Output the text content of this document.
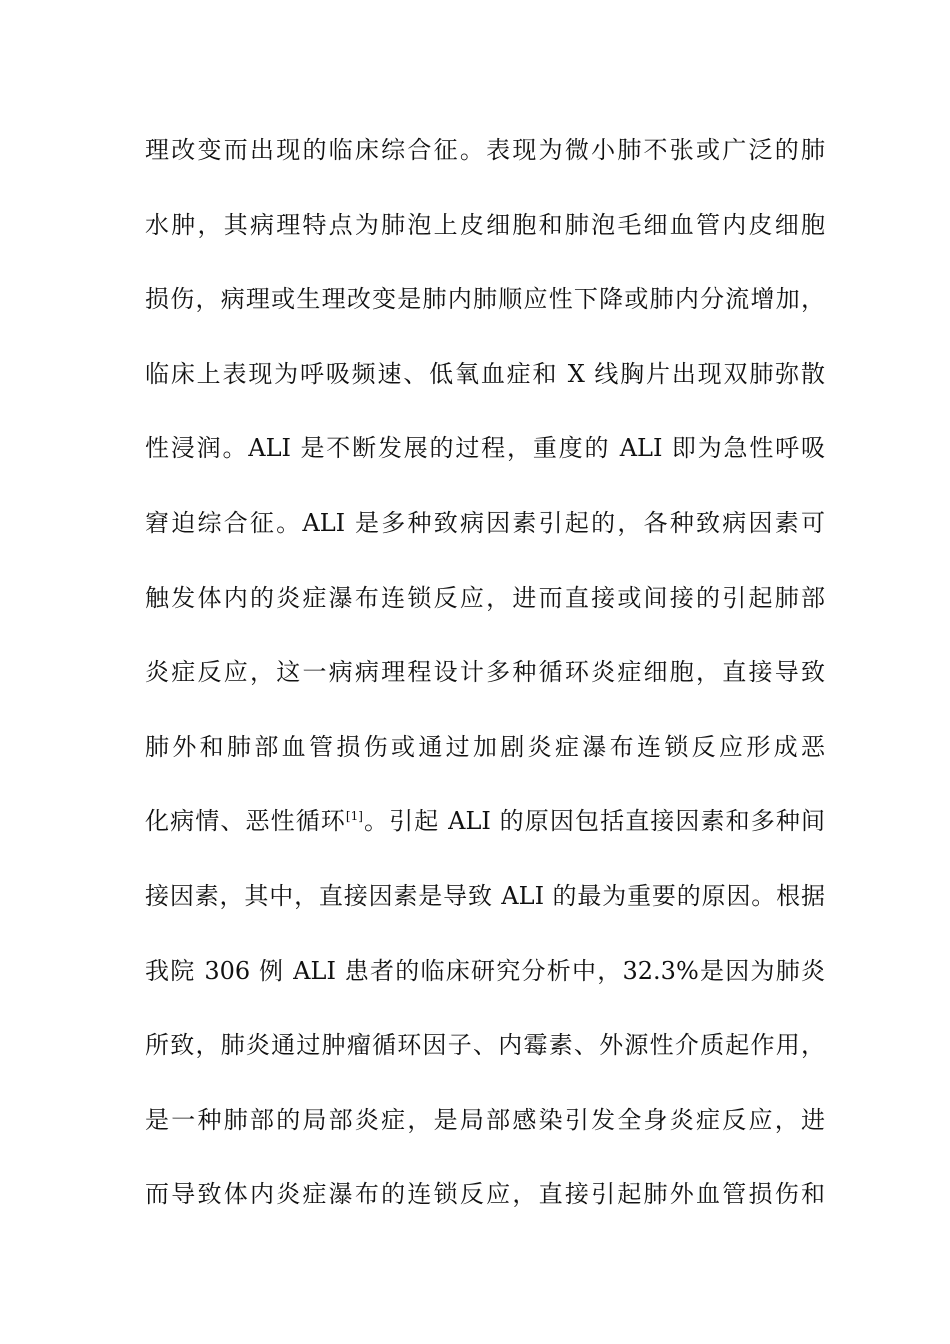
理改变而出现的临床综合征。表现为微小肺不张或广泛的肺
水肿，其病理特点为肺泡上皮细胞和肺泡毛细血管内皮细胞
损伤，病理或生理改变是肺内肺顺应性下降或肺内分流增加，
临床上表现为呼吸频速、低氧血症和 X 线胸片出现双肺弥散
性浸润。ALI 是不断发展的过程，重度的 ALI 即为急性呼吸
窘迫综合征。ALI 是多种致病因素引起的，各种致病因素可
触发体内的炎症瀑布连锁反应，进而直接或间接的引起肺部
炎症反应，这一病病理程设计多种循环炎症细胞，直接导致
肺外和肺部血管损伤或通过加剧炎症瀑布连锁反应形成恶
化病情、恶性循环[1]。引起 ALI 的原因包括直接因素和多种间
接因素，其中，直接因素是导致 ALI 的最为重要的原因。根据
我院 306 例 ALI 患者的临床研究分析中，32.3%是因为肺炎
所致，肺炎通过肿瘤循环因子、内霉素、外源性介质起作用，
是一种肺部的局部炎症，是局部感染引发全身炎症反应，进
而导致体内炎症瀑布的连锁反应，直接引起肺外血管损伤和
